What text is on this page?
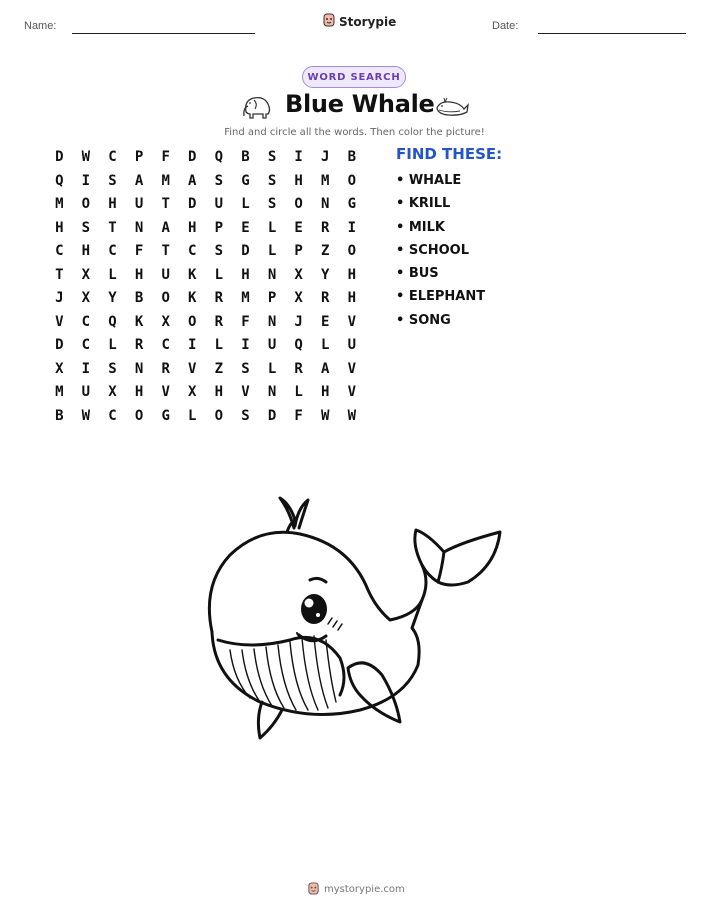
Name:	Storypie	Date:
WORD SEARCH
Blue Whale
Find and circle all the words. Then color the picture!
D	W	C	P	F	D	Q	B	S	I	J	B
Q	I	S	A	M	A	S	G	S	H	M	O
M	O	H	U	T	D	U	L	S	O	N	G
H	S	T	N	A	H	P	E	L	E	R	I
C	H	C	F	T	C	S	D	L	P	Z	O
T	X	L	H	U	K	L	H	N	X	Y	H
J	X	Y	B	O	K	R	M	P	X	R	H
V	C	Q	K	X	O	R	F	N	J	E	V
D	C	L	R	C	I	L	I	U	Q	L	U
X	I	S	N	R	V	Z	S	L	R	A	V
M	U	X	H	V	X	H	V	N	L	H	V
B	W	C	O	G	L	O	S	D	F	W	W
FIND THESE:
• WHALE
• KRILL
• MILK
• SCHOOL
• BUS
• ELEPHANT
• SONG
mystorypie.com
